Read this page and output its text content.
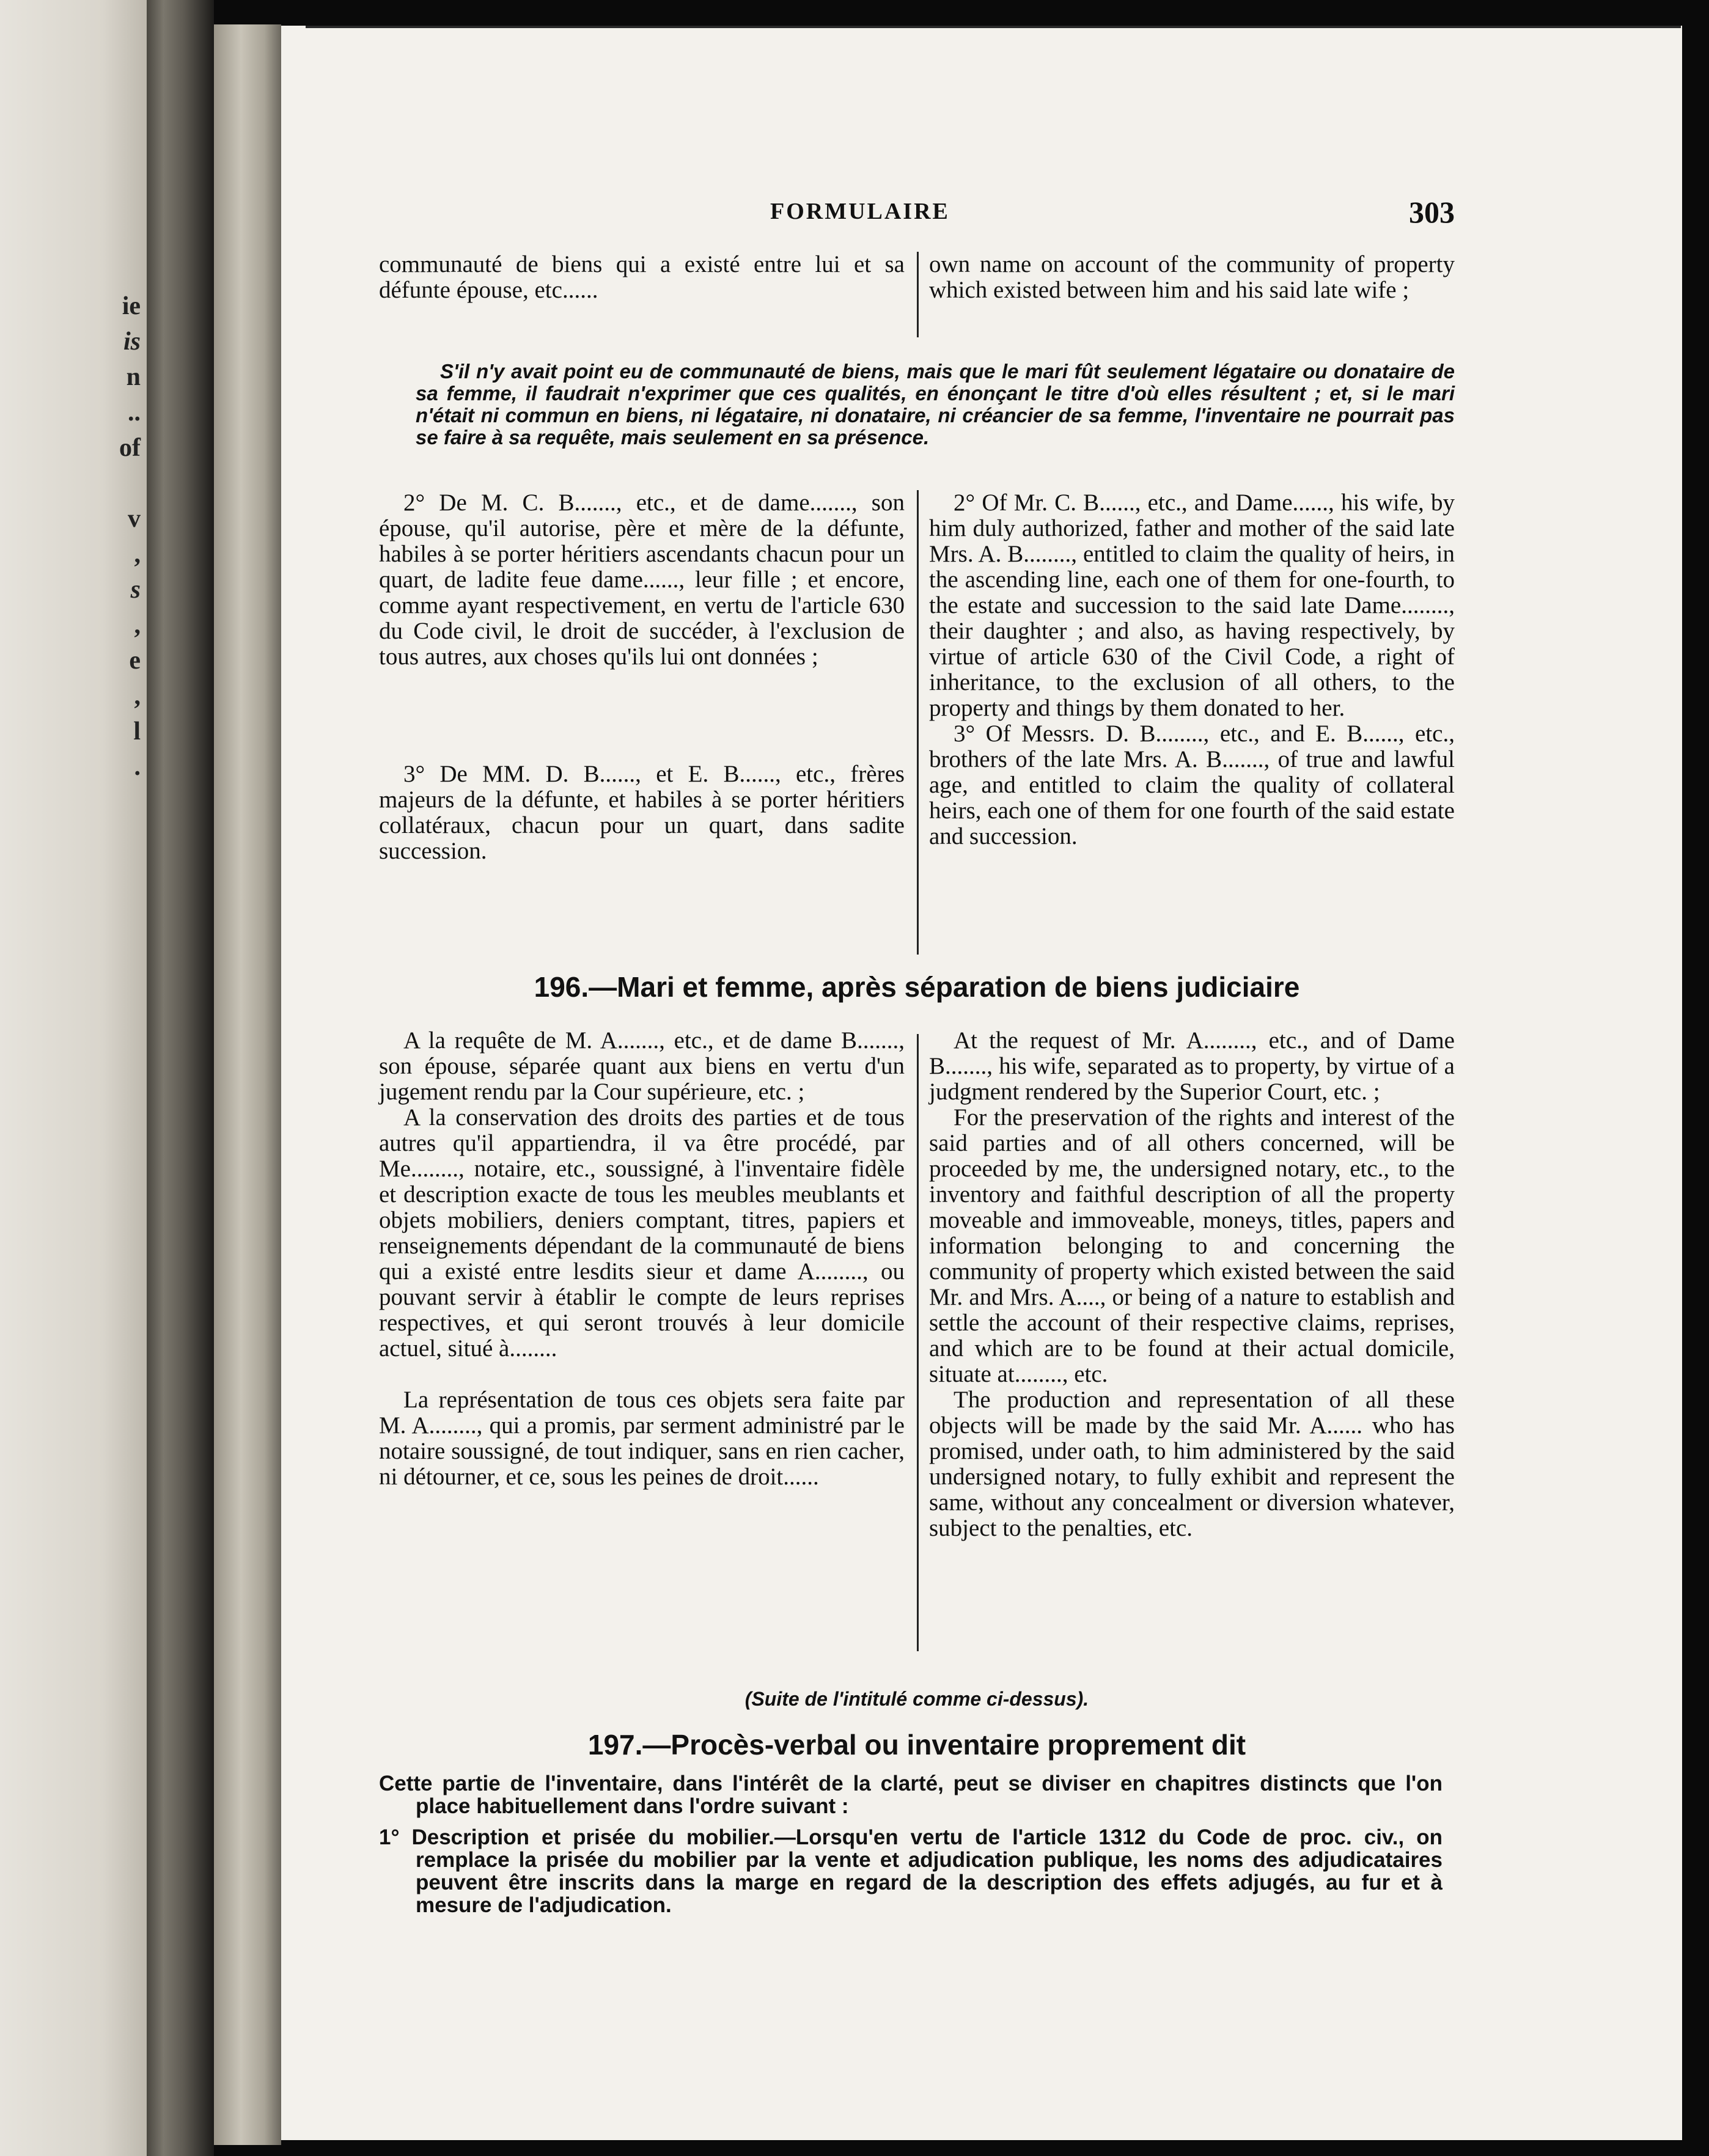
ie
is
n
..
of
v
,
s
,
e
,
l
.
FORMULAIRE	303

communauté de biens qui a existé entre lui et sa défunte épouse, etc......

own name on account of the community of property which existed between him and his said late wife ;

S'il n'y avait point eu de communauté de biens, mais que le mari fût seulement légataire ou donataire de sa femme, il faudrait n'exprimer que ces qualités, en énonçant le titre d'où elles résultent ; et, si le mari n'était ni commun en biens, ni légataire, ni donataire, ni créancier de sa femme, l'inventaire ne pourrait pas se faire à sa requête, mais seulement en sa présence.

2° De M. C. B......., etc., et de dame......., son épouse, qu'il autorise, père et mère de la défunte, habiles à se porter héritiers ascendants chacun pour un quart, de ladite feue dame......, leur fille ; et encore, comme ayant respectivement, en vertu de l'article 630 du Code civil, le droit de succéder, à l'exclusion de tous autres, aux choses qu'ils lui ont données ;

3° De MM. D. B......, et E. B......, etc., frères majeurs de la défunte, et habiles à se porter héritiers collatéraux, chacun pour un quart, dans sadite succession.

2° Of Mr. C. B......, etc., and Dame......, his wife, by him duly authorized, father and mother of the said late Mrs. A. B........, entitled to claim the quality of heirs, in the ascending line, each one of them for one-fourth, to the estate and succession to the said late Dame........, their daughter ; and also, as having respectively, by virtue of article 630 of the Civil Code, a right of inheritance, to the exclusion of all others, to the property and things by them donated to her.

3° Of Messrs. D. B........, etc., and E. B......, etc., brothers of the late Mrs. A. B......., of true and lawful age, and entitled to claim the quality of collateral heirs, each one of them for one fourth of the said estate and succession.

196.—Mari et femme, après séparation de biens judiciaire

A la requête de M. A......., etc., et de dame B......., son épouse, séparée quant aux biens en vertu d'un jugement rendu par la Cour supérieure, etc. ;

A la conservation des droits des parties et de tous autres qu'il appartiendra, il va être procédé, par Me........, notaire, etc., soussigné, à l'inventaire fidèle et description exacte de tous les meubles meublants et objets mobiliers, deniers comptant, titres, papiers et renseignements dépendant de la communauté de biens qui a existé entre lesdits sieur et dame A........, ou pouvant servir à établir le compte de leurs reprises respectives, et qui seront trouvés à leur domicile actuel, situé à........

La représentation de tous ces objets sera faite par M. A........, qui a promis, par serment administré par le notaire soussigné, de tout indiquer, sans en rien cacher, ni détourner, et ce, sous les peines de droit......

At the request of Mr. A........, etc., and of Dame B......., his wife, separated as to property, by virtue of a judgment rendered by the Superior Court, etc. ;

For the preservation of the rights and interest of the said parties and of all others concerned, will be proceeded by me, the undersigned notary, etc., to the inventory and faithful description of all the property moveable and immoveable, moneys, titles, papers and information belonging to and concerning the community of property which existed between the said Mr. and Mrs. A...., or being of a nature to establish and settle the account of their respective claims, reprises, and which are to be found at their actual domicile, situate at........, etc.

The production and representation of all these objects will be made by the said Mr. A...... who has promised, under oath, to him administered by the said undersigned notary, to fully exhibit and represent the same, without any concealment or diversion whatever, subject to the penalties, etc.

(Suite de l'intitulé comme ci-dessus).
197.—Procès-verbal ou inventaire proprement dit
Cette partie de l'inventaire, dans l'intérêt de la clarté, peut se diviser en chapitres distincts que l'on place habituellement dans l'ordre suivant :
1° Description et prisée du mobilier.—Lorsqu'en vertu de l'article 1312 du Code de proc. civ., on remplace la prisée du mobilier par la vente et adjudication publique, les noms des adjudicataires peuvent être inscrits dans la marge en regard de la description des effets adjugés, au fur et à mesure de l'adjudication.
